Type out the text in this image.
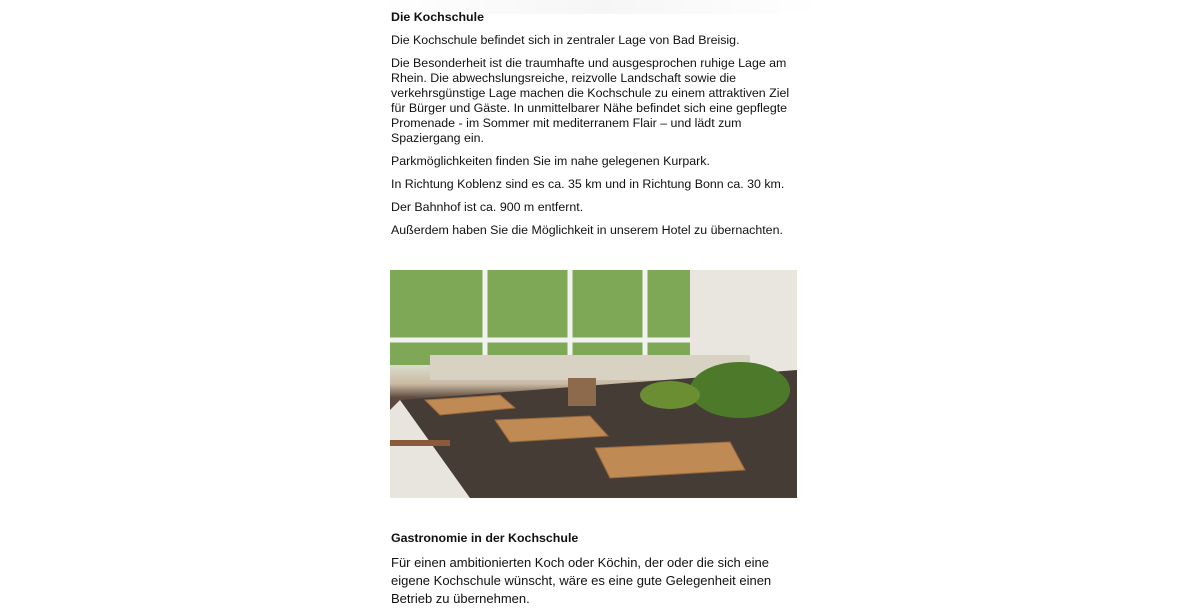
Die Kochschule
Die Kochschule befindet sich in zentraler Lage von Bad Breisig.
Die Besonderheit ist die traumhafte und ausgesprochen ruhige Lage am Rhein. Die abwechslungsreiche, reizvolle Landschaft sowie die verkehrsgünstige Lage machen die Kochschule zu einem attraktiven Ziel für Bürger und Gäste. In unmittelbarer Nähe befindet sich eine gepflegte Promenade - im Sommer mit mediterranem Flair – und lädt zum Spaziergang ein.
Parkmöglichkeiten finden Sie im nahe gelegenen Kurpark.
In Richtung Koblenz sind es ca. 35 km und in Richtung Bonn ca. 30 km.
Der Bahnhof ist ca. 900 m entfernt.
Außerdem haben Sie die Möglichkeit in unserem Hotel zu übernachten.
Gastronomie in der Kochschule
Für einen ambitionierten Koch oder Köchin, der oder die sich eine eigene Kochschule wünscht, wäre es eine gute Gelegenheit einen Betrieb zu übernehmen.
